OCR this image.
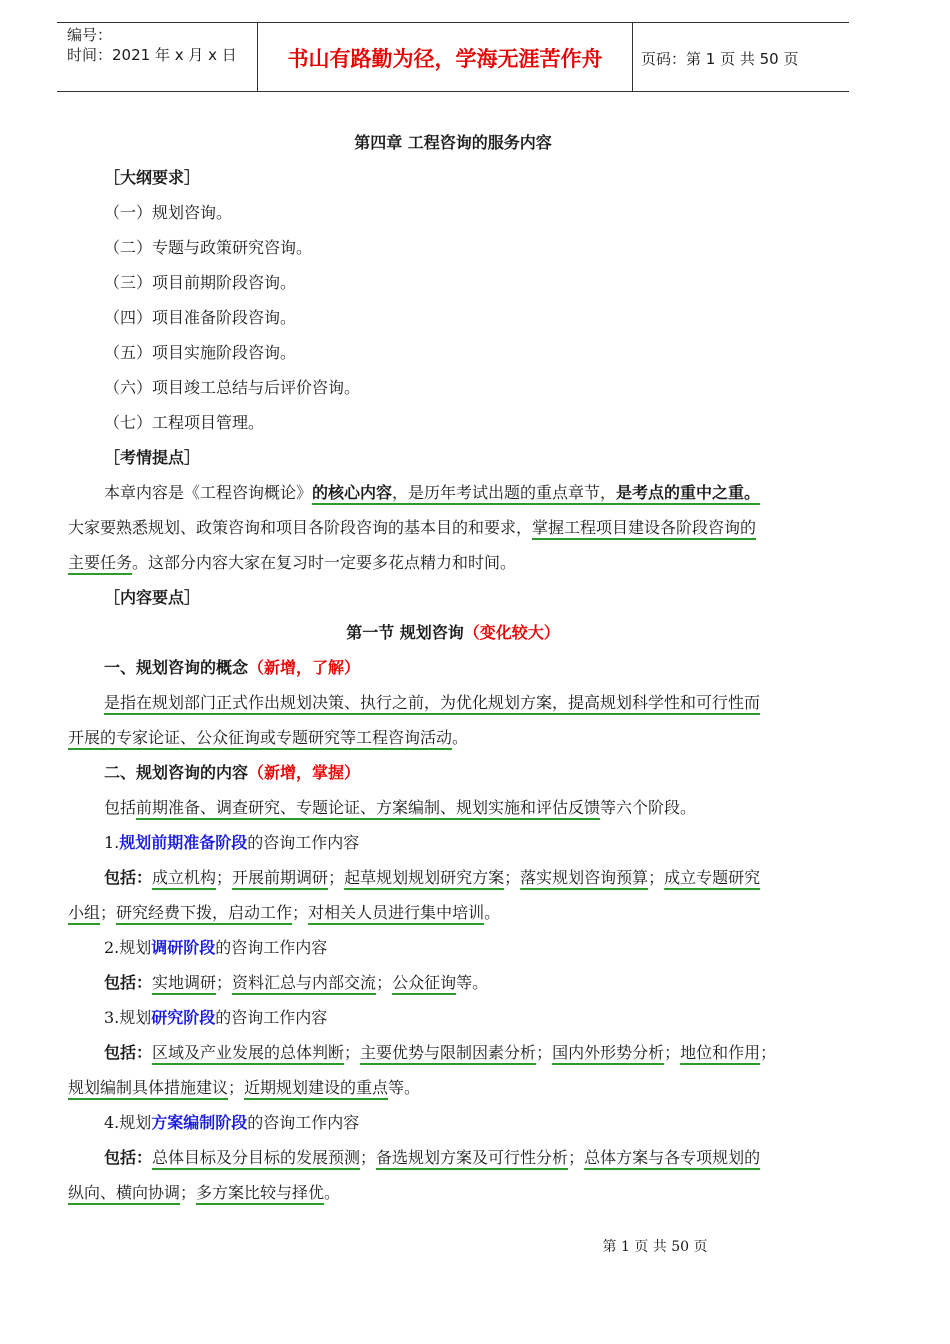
编号：
时间：2021 年 x 月 x 日	书山有路勤为径，学海无涯苦作舟	页码：第 1 页 共 50 页
第四章 工程咨询的服务内容
［大纲要求］
（一）规划咨询。
（二）专题与政策研究咨询。
（三）项目前期阶段咨询。
（四）项目准备阶段咨询。
（五）项目实施阶段咨询。
（六）项目竣工总结与后评价咨询。
（七）工程项目管理。
［考情提点］
本章内容是《工程咨询概论》的核心内容，是历年考试出题的重点章节，是考点的重中之重。
大家要熟悉规划、政策咨询和项目各阶段咨询的基本目的和要求，掌握工程项目建设各阶段咨询的
主要任务。这部分内容大家在复习时一定要多花点精力和时间。
［内容要点］
第一节 规划咨询（变化较大）
一、规划咨询的概念（新增，了解）
是指在规划部门正式作出规划决策、执行之前，为优化规划方案，提高规划科学性和可行性而
开展的专家论证、公众征询或专题研究等工程咨询活动。
二、规划咨询的内容（新增，掌握）
包括前期准备、调查研究、专题论证、方案编制、规划实施和评估反馈等六个阶段。
1.规划前期准备阶段的咨询工作内容
包括：成立机构；开展前期调研；起草规划规划研究方案；落实规划咨询预算；成立专题研究
小组；研究经费下拨，启动工作；对相关人员进行集中培训。
2.规划调研阶段的咨询工作内容
包括：实地调研；资料汇总与内部交流；公众征询等。
3.规划研究阶段的咨询工作内容
包括：区域及产业发展的总体判断；主要优势与限制因素分析；国内外形势分析；地位和作用；
规划编制具体措施建议；近期规划建设的重点等。
4.规划方案编制阶段的咨询工作内容
包括：总体目标及分目标的发展预测；备选规划方案及可行性分析；总体方案与各专项规划的
纵向、横向协调；多方案比较与择优。
第 1 页 共 50 页
